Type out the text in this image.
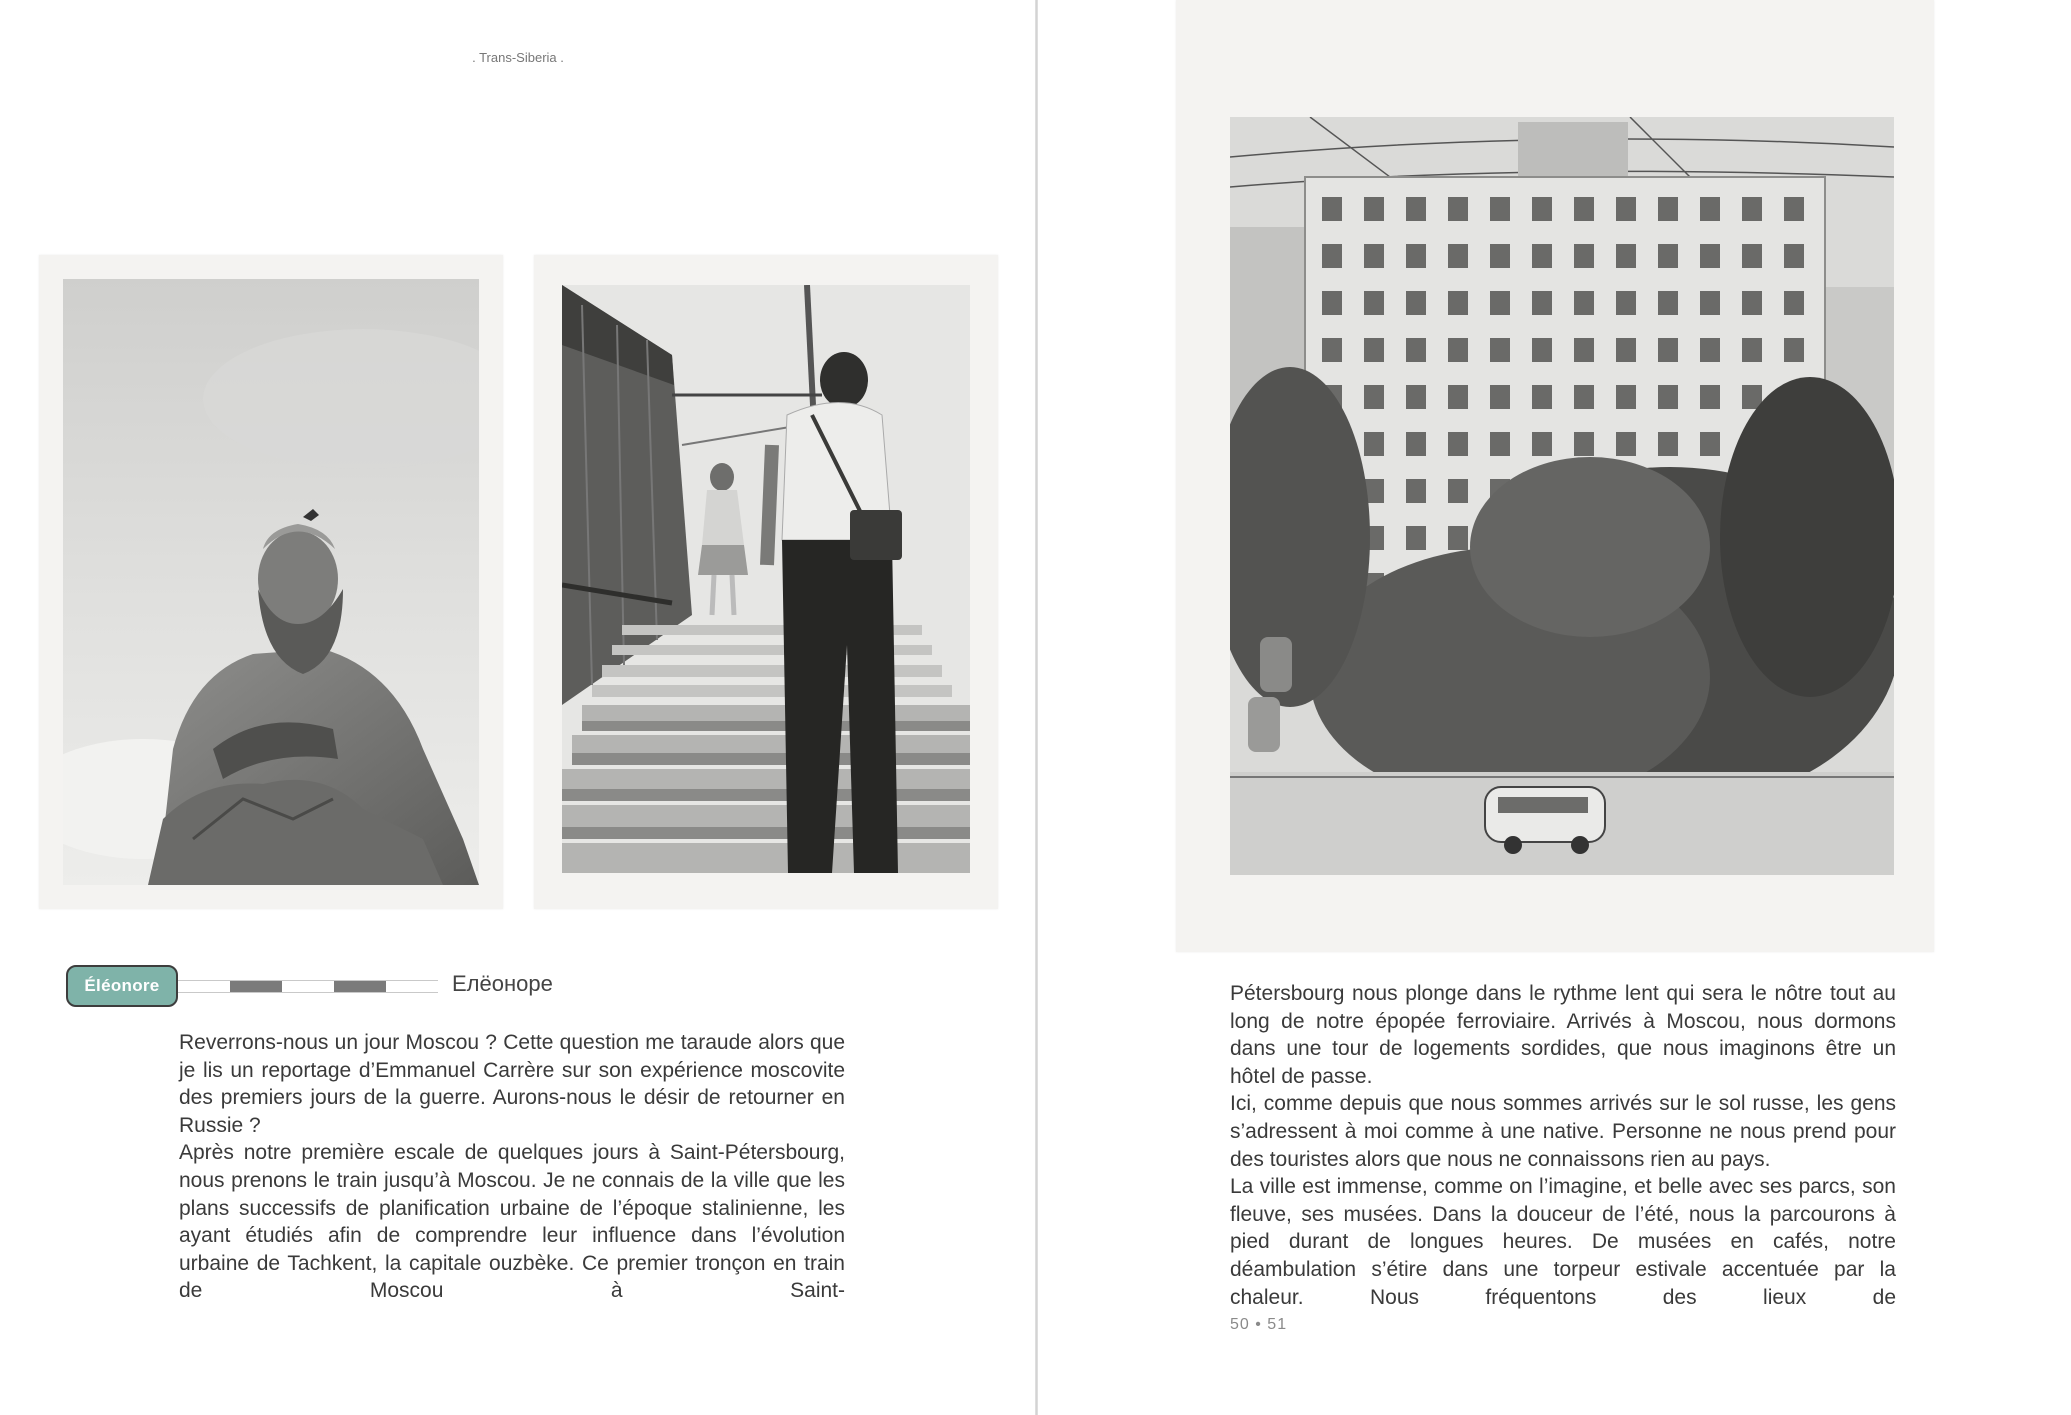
. Trans-Siberia .
Éléonore	Елёонoре

Reverrons-nous un jour Moscou ? Cette question me taraude alors que je lis un reportage d’Emmanuel Carrère sur son expérience moscovite des premiers jours de la guerre. Aurons-nous le désir de retourner en Russie ?
Après notre première escale de quelques jours à Saint-Pétersbourg, nous prenons le train jusqu’à Moscou. Je ne connais de la ville que les plans successifs de planification urbaine de l’époque stalinienne, les ayant étudiés afin de comprendre leur influence dans l’évolution urbaine de Tachkent, la capitale ouzbèke. Ce premier tronçon en train de Moscou à Saint-

Pétersbourg nous plonge dans le rythme lent qui sera le nôtre tout au long de notre épopée ferroviaire. Arrivés à Moscou, nous dormons dans une tour de logements sordides, que nous imaginons être un hôtel de passe.
Ici, comme depuis que nous sommes arrivés sur le sol russe, les gens s’adressent à moi comme à une native. Personne ne nous prend pour des touristes alors que nous ne connaissons rien au pays.
La ville est immense, comme on l’imagine, et belle avec ses parcs, son fleuve, ses musées. Dans la douceur de l’été, nous la parcourons à pied durant de longues heures. De musées en cafés, notre déambulation s’étire dans une torpeur estivale accentuée par la chaleur. Nous fréquentons des lieux de

50 • 51
